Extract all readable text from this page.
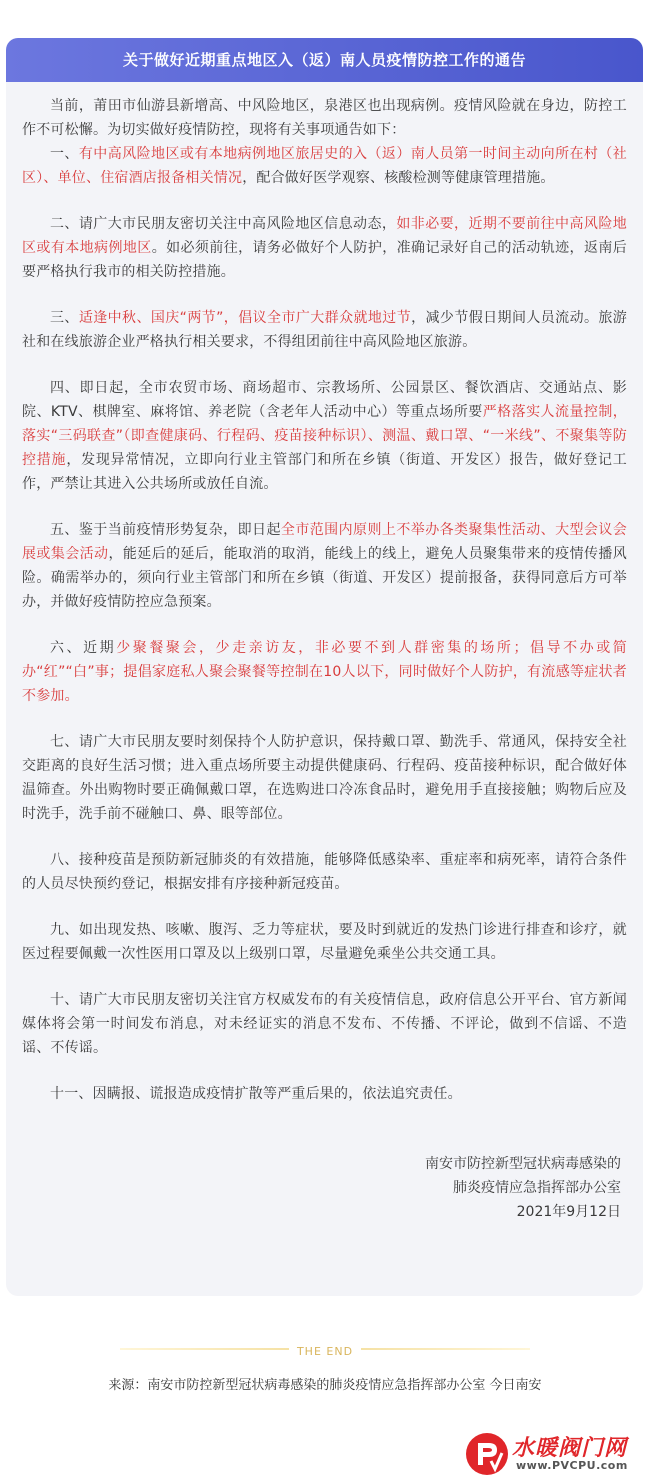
关于做好近期重点地区入（返）南人员疫情防控工作的通告

当前，莆田市仙游县新增高、中风险地区，泉港区也出现病例。疫情风险就在身边，防控工作不可松懈。为切实做好疫情防控，现将有关事项通告如下：

一、有中高风险地区或有本地病例地区旅居史的入（返）南人员第一时间主动向所在村（社区）、单位、住宿酒店报备相关情况，配合做好医学观察、核酸检测等健康管理措施。

二、请广大市民朋友密切关注中高风险地区信息动态，如非必要，近期不要前往中高风险地区或有本地病例地区。如必须前往，请务必做好个人防护，准确记录好自己的活动轨迹，返南后要严格执行我市的相关防控措施。

三、适逢中秋、国庆“两节”，倡议全市广大群众就地过节，减少节假日期间人员流动。旅游社和在线旅游企业严格执行相关要求，不得组团前往中高风险地区旅游。

四、即日起，全市农贸市场、商场超市、宗教场所、公园景区、餐饮酒店、交通站点、影院、KTV、棋牌室、麻将馆、养老院（含老年人活动中心）等重点场所要严格落实人流量控制，落实“三码联查”（即查健康码、行程码、疫苗接种标识）、测温、戴口罩、“一米线”、不聚集等防控措施，发现异常情况，立即向行业主管部门和所在乡镇（街道、开发区）报告，做好登记工作，严禁让其进入公共场所或放任自流。

五、鉴于当前疫情形势复杂，即日起全市范围内原则上不举办各类聚集性活动、大型会议会展或集会活动，能延后的延后，能取消的取消，能线上的线上，避免人员聚集带来的疫情传播风险。确需举办的，须向行业主管部门和所在乡镇（街道、开发区）提前报备，获得同意后方可举办，并做好疫情防控应急预案。

六、近期少聚餐聚会，少走亲访友，非必要不到人群密集的场所；倡导不办或简办“红”“白”事；提倡家庭私人聚会聚餐等控制在10人以下，同时做好个人防护，有流感等症状者不参加。

七、请广大市民朋友要时刻保持个人防护意识，保持戴口罩、勤洗手、常通风，保持安全社交距离的良好生活习惯；进入重点场所要主动提供健康码、行程码、疫苗接种标识，配合做好体温筛查。外出购物时要正确佩戴口罩，在选购进口冷冻食品时，避免用手直接接触；购物后应及时洗手，洗手前不碰触口、鼻、眼等部位。

八、接种疫苗是预防新冠肺炎的有效措施，能够降低感染率、重症率和病死率，请符合条件的人员尽快预约登记，根据安排有序接种新冠疫苗。

九、如出现发热、咳嗽、腹泻、乏力等症状，要及时到就近的发热门诊进行排查和诊疗，就医过程要佩戴一次性医用口罩及以上级别口罩，尽量避免乘坐公共交通工具。

十、请广大市民朋友密切关注官方权威发布的有关疫情信息，政府信息公开平台、官方新闻媒体将会第一时间发布消息，对未经证实的消息不发布、不传播、不评论，做到不信谣、不造谣、不传谣。

十一、因瞒报、谎报造成疫情扩散等严重后果的，依法追究责任。

南安市防控新型冠状病毒感染的
肺炎疫情应急指挥部办公室
2021年9月12日
THE END
来源：南安市防控新型冠状病毒感染的肺炎疫情应急指挥部办公室 今日南安
水暖阀门网
www.PVCPU.com
